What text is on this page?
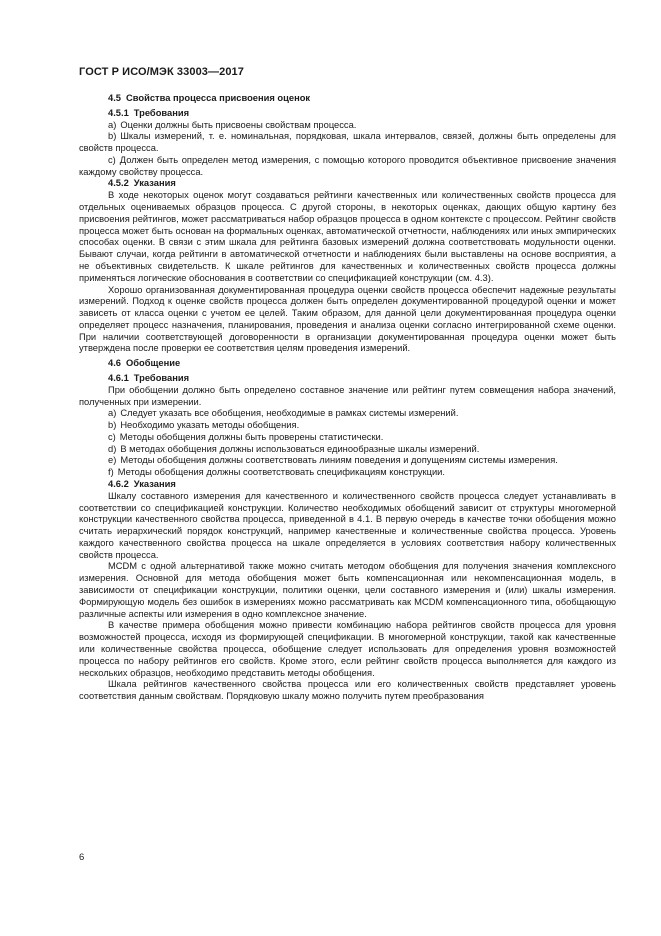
ГОСТ Р ИСО/МЭК 33003—2017
4.5 Свойства процесса присвоения оценок
4.5.1 Требования

a) Оценки должны быть присвоены свойствам процесса.

b) Шкалы измерений, т. е. номинальная, порядковая, шкала интервалов, связей, должны быть определены для свойств процесса.

c) Должен быть определен метод измерения, с помощью которого проводится объективное присвоение значения каждому свойству процесса.

4.5.2 Указания

В ходе некоторых оценок могут создаваться рейтинги качественных или количественных свойств процесса для отдельных оцениваемых образцов процесса. С другой стороны, в некоторых оценках, дающих общую картину без присвоения рейтингов, может рассматриваться набор образцов процесса в одном контексте с процессом. Рейтинг свойств процесса может быть основан на формальных оценках, автоматической отчетности, наблюдениях или иных эмпирических способах оценки. В связи с этим шкала для рейтинга базовых измерений должна соответствовать модульности оценки. Бывают случаи, когда рейтинги в автоматической отчетности и наблюдениях были выставлены на основе восприятия, а не объективных свидетельств. К шкале рейтингов для качественных и количественных свойств процесса должны применяться логические обоснования в соответствии со спецификацией конструкции (см. 4.3).

Хорошо организованная документированная процедура оценки свойств процесса обеспечит надежные результаты измерений. Подход к оценке свойств процесса должен быть определен документированной процедурой оценки и может зависеть от класса оценки с учетом ее целей. Таким образом, для данной цели документированная процедура оценки определяет процесс назначения, планирования, проведения и анализа оценки согласно интегрированной схеме оценки. При наличии соответствующей договоренности в организации документированная процедура оценки может быть утверждена после проверки ее соответствия целям проведения измерений.

4.6 Обобщение
4.6.1 Требования

При обобщении должно быть определено составное значение или рейтинг путем совмещения набора значений, полученных при измерении.

a) Следует указать все обобщения, необходимые в рамках системы измерений.

b) Необходимо указать методы обобщения.

c) Методы обобщения должны быть проверены статистически.

d) В методах обобщения должны использоваться единообразные шкалы измерений.

e) Методы обобщения должны соответствовать линиям поведения и допущениям системы измерения.

f) Методы обобщения должны соответствовать спецификациям конструкции.

4.6.2 Указания

Шкалу составного измерения для качественного и количественного свойств процесса следует устанавливать в соответствии со спецификацией конструкции. Количество необходимых обобщений зависит от структуры многомерной конструкции качественного свойства процесса, приведенной в 4.1. В первую очередь в качестве точки обобщения можно считать иерархический порядок конструкций, например качественные и количественные свойства процесса. Уровень каждого качественного свойства процесса на шкале определяется в условиях соответствия набору количественных свойств процесса.

MCDM с одной альтернативой также можно считать методом обобщения для получения значения комплексного измерения. Основной для метода обобщения может быть компенсационная или некомпенсационная модель, в зависимости от спецификации конструкции, политики оценки, цели составного измерения и (или) шкалы измерения. Формирующую модель без ошибок в измерениях можно рассматривать как MCDM компенсационного типа, обобщающую различные аспекты или измерения в одно комплексное значение.

В качестве примера обобщения можно привести комбинацию набора рейтингов свойств процесса для уровня возможностей процесса, исходя из формирующей спецификации. В многомерной конструкции, такой как качественные или количественные свойства процесса, обобщение следует использовать для определения уровня возможностей процесса по набору рейтингов его свойств. Кроме этого, если рейтинг свойств процесса выполняется для каждого из нескольких образцов, необходимо представить методы обобщения.

Шкала рейтингов качественного свойства процесса или его количественных свойств представляет уровень соответствия данным свойствам. Порядковую шкалу можно получить путем преобразования

6
